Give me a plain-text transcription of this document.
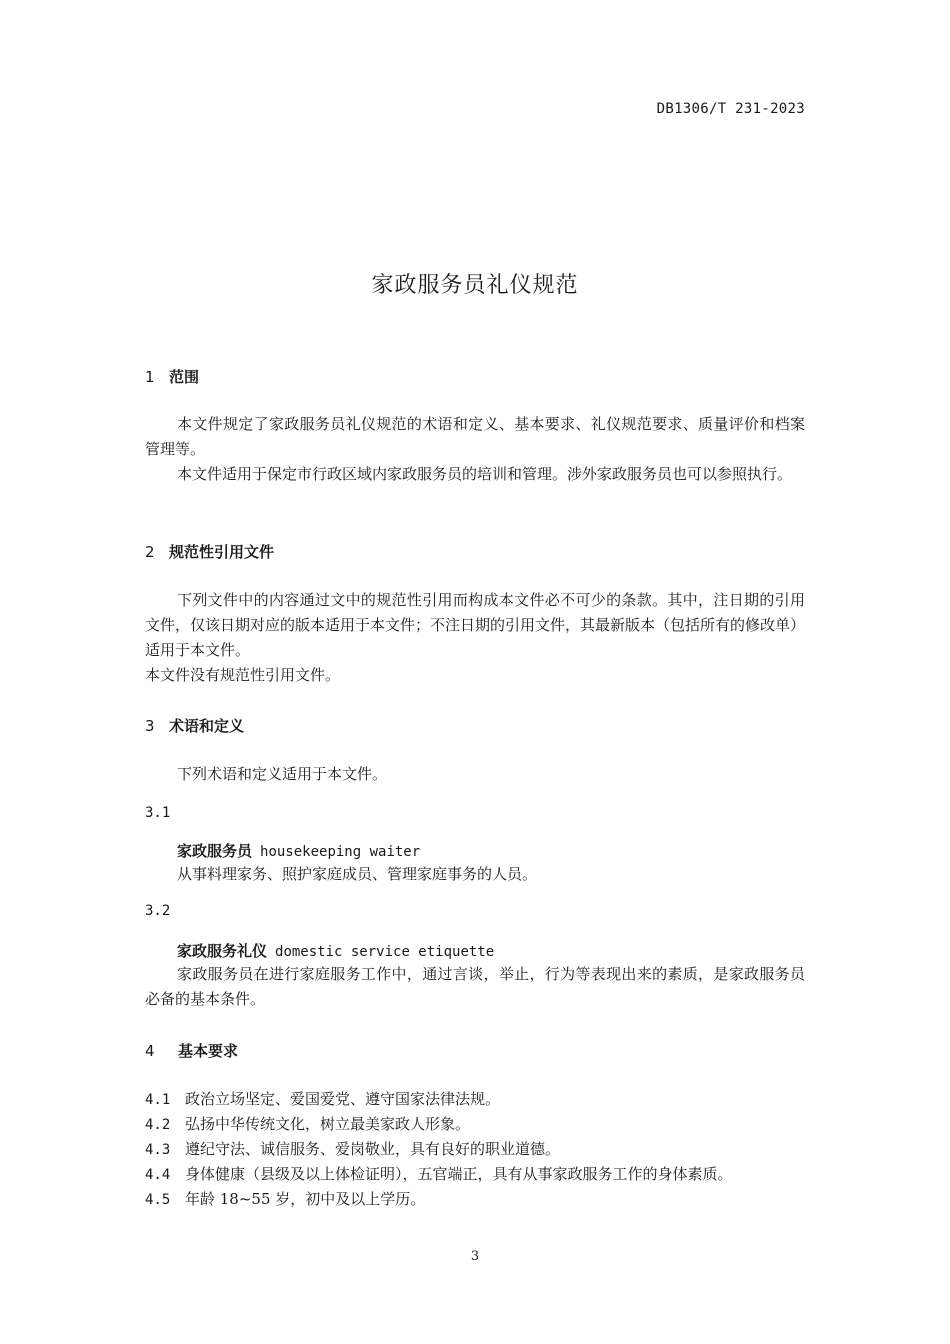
DB1306/T 231-2023
家政服务员礼仪规范
1 范围
本文件规定了家政服务员礼仪规范的术语和定义、基本要求、礼仪规范要求、质量评价和档案管理等。
本文件适用于保定市行政区域内家政服务员的培训和管理。涉外家政服务员也可以参照执行。
2 规范性引用文件
下列文件中的内容通过文中的规范性引用而构成本文件必不可少的条款。其中，注日期的引用文件，仅该日期对应的版本适用于本文件；不注日期的引用文件，其最新版本（包括所有的修改单）适用于本文件。
本文件没有规范性引用文件。
3 术语和定义
下列术语和定义适用于本文件。
3.1
家政服务员 housekeeping waiter
从事料理家务、照护家庭成员、管理家庭事务的人员。
3.2
家政服务礼仪 domestic service etiquette
家政服务员在进行家庭服务工作中，通过言谈，举止，行为等表现出来的素质，是家政服务员必备的基本条件。
4 基本要求
4.1 政治立场坚定、爱国爱党、遵守国家法律法规。
4.2 弘扬中华传统文化，树立最美家政人形象。
4.3 遵纪守法、诚信服务、爱岗敬业，具有良好的职业道德。
4.4 身体健康（县级及以上体检证明），五官端正，具有从事家政服务工作的身体素质。
4.5 年龄 18~55 岁，初中及以上学历。
3
